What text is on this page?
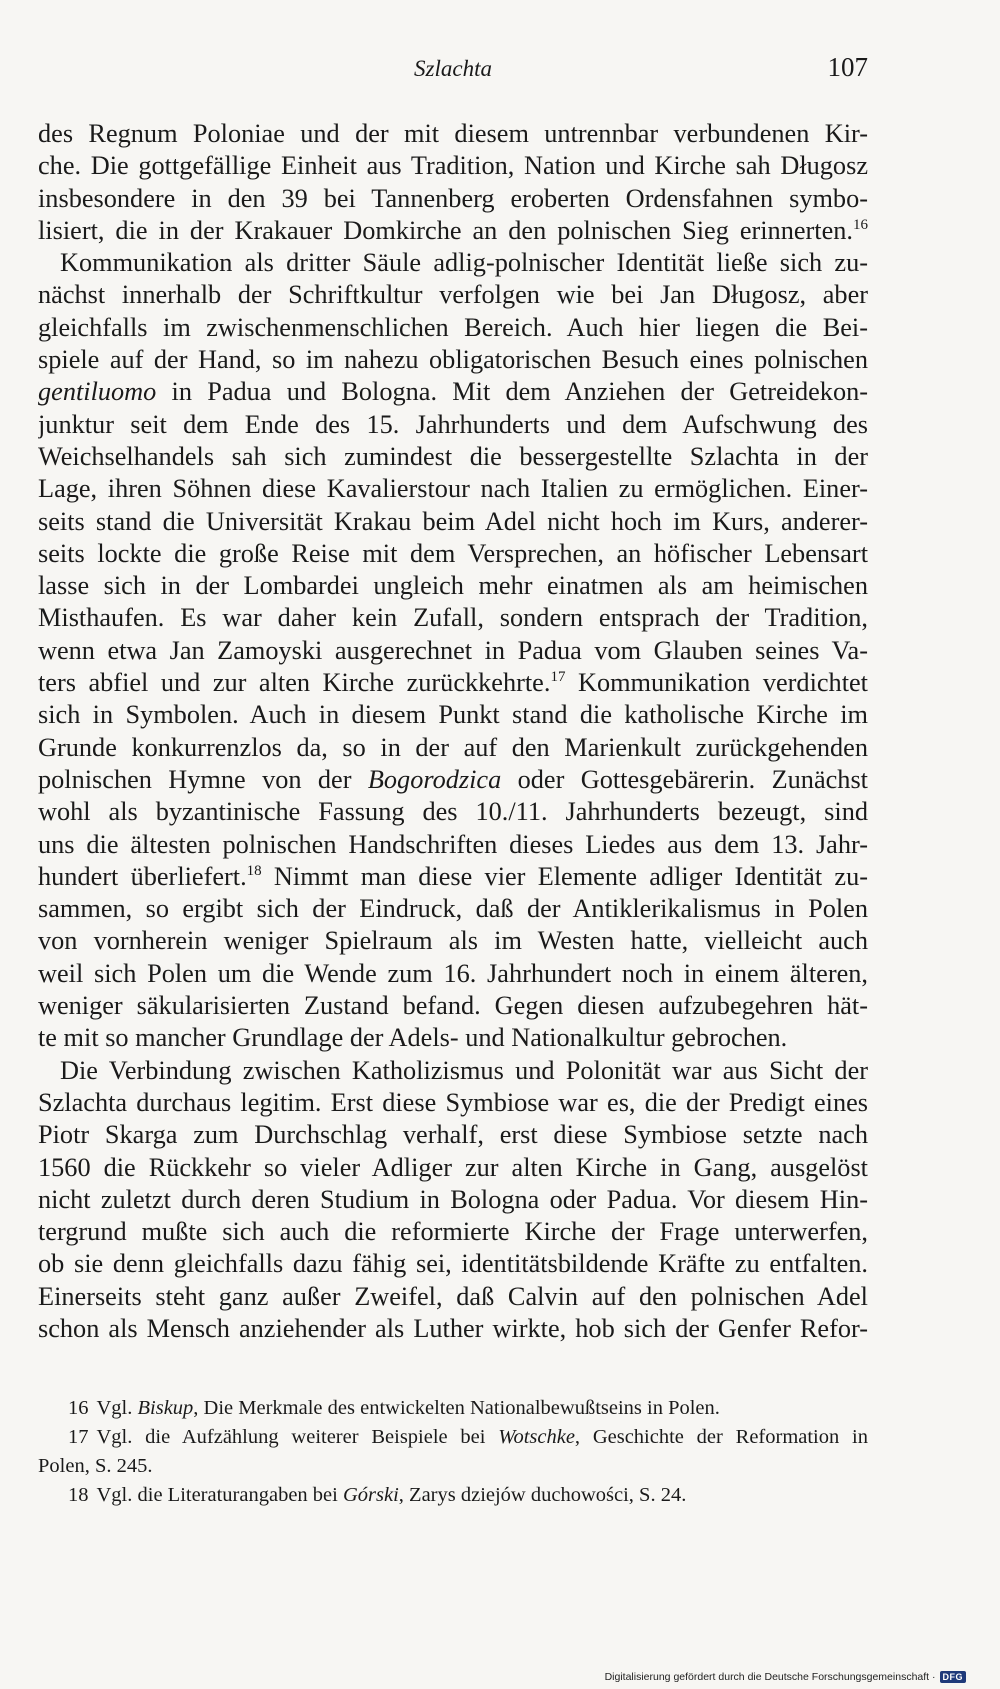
Szlachta	107
des Regnum Poloniae und der mit diesem untrennbar verbundenen Kir-
che. Die gottgefällige Einheit aus Tradition, Nation und Kirche sah Długosz
insbesondere in den 39 bei Tannenberg eroberten Ordensfahnen symbo-
lisiert, die in der Krakauer Domkirche an den polnischen Sieg erinnerten.$^{16}$
Kommunikation als dritter Säule adlig-polnischer Identität ließe sich zu-
nächst innerhalb der Schriftkultur verfolgen wie bei Jan Długosz, aber
gleichfalls im zwischenmenschlichen Bereich. Auch hier liegen die Bei-
spiele auf der Hand, so im nahezu obligatorischen Besuch eines polnischen
gentiluomo in Padua und Bologna. Mit dem Anziehen der Getreidekon-
junktur seit dem Ende des 15. Jahrhunderts und dem Aufschwung des
Weichselhandels sah sich zumindest die bessergestellte Szlachta in der
Lage, ihren Söhnen diese Kavalierstour nach Italien zu ermöglichen. Einer-
seits stand die Universität Krakau beim Adel nicht hoch im Kurs, anderer-
seits lockte die große Reise mit dem Versprechen, an höfischer Lebensart
lasse sich in der Lombardei ungleich mehr einatmen als am heimischen
Misthaufen. Es war daher kein Zufall, sondern entsprach der Tradition,
wenn etwa Jan Zamoyski ausgerechnet in Padua vom Glauben seines Va-
ters abfiel und zur alten Kirche zurückkehrte.$^{17}$ Kommunikation verdichtet
sich in Symbolen. Auch in diesem Punkt stand die katholische Kirche im
Grunde konkurrenzlos da, so in der auf den Marienkult zurückgehenden
polnischen Hymne von der Bogorodzica oder Gottesgebärerin. Zunächst
wohl als byzantinische Fassung des 10./11. Jahrhunderts bezeugt, sind
uns die ältesten polnischen Handschriften dieses Liedes aus dem 13. Jahr-
hundert überliefert.$^{18}$ Nimmt man diese vier Elemente adliger Identität zu-
sammen, so ergibt sich der Eindruck, daß der Antiklerikalismus in Polen
von vornherein weniger Spielraum als im Westen hatte, vielleicht auch
weil sich Polen um die Wende zum 16. Jahrhundert noch in einem älteren,
weniger säkularisierten Zustand befand. Gegen diesen aufzubegehren hät-
te mit so mancher Grundlage der Adels- und Nationalkultur gebrochen.
Die Verbindung zwischen Katholizismus und Polonität war aus Sicht der
Szlachta durchaus legitim. Erst diese Symbiose war es, die der Predigt eines
Piotr Skarga zum Durchschlag verhalf, erst diese Symbiose setzte nach
1560 die Rückkehr so vieler Adliger zur alten Kirche in Gang, ausgelöst
nicht zuletzt durch deren Studium in Bologna oder Padua. Vor diesem Hin-
tergrund mußte sich auch die reformierte Kirche der Frage unterwerfen,
ob sie denn gleichfalls dazu fähig sei, identitätsbildende Kräfte zu entfalten.
Einerseits steht ganz außer Zweifel, daß Calvin auf den polnischen Adel
schon als Mensch anziehender als Luther wirkte, hob sich der Genfer Refor-
16 Vgl. Biskup, Die Merkmale des entwickelten Nationalbewußtseins in Polen.
17 Vgl. die Aufzählung weiterer Beispiele bei Wotschke, Geschichte der Reformation in
Polen, S. 245.
18 Vgl. die Literaturangaben bei Górski, Zarys dziejów duchowości, S. 24.
Digitalisierung gefördert durch die Deutsche Forschungsgemeinschaft · DFG
